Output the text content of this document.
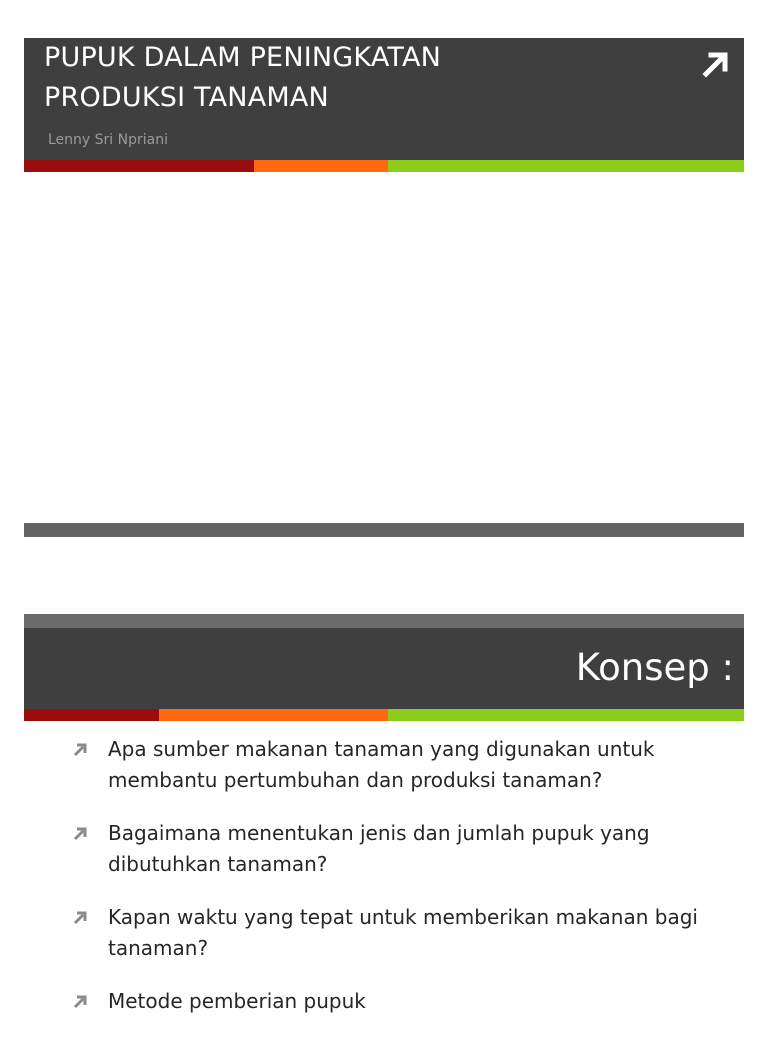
PUPUK DALAM PENINGKATAN
PRODUKSI TANAMAN
Lenny Sri Npriani
Konsep :
Apa sumber makanan tanaman yang digunakan untuk membantu pertumbuhan dan produksi tanaman?
Bagaimana menentukan jenis dan jumlah pupuk yang dibutuhkan tanaman?
Kapan waktu yang tepat untuk memberikan makanan bagi tanaman?
Metode pemberian pupuk
